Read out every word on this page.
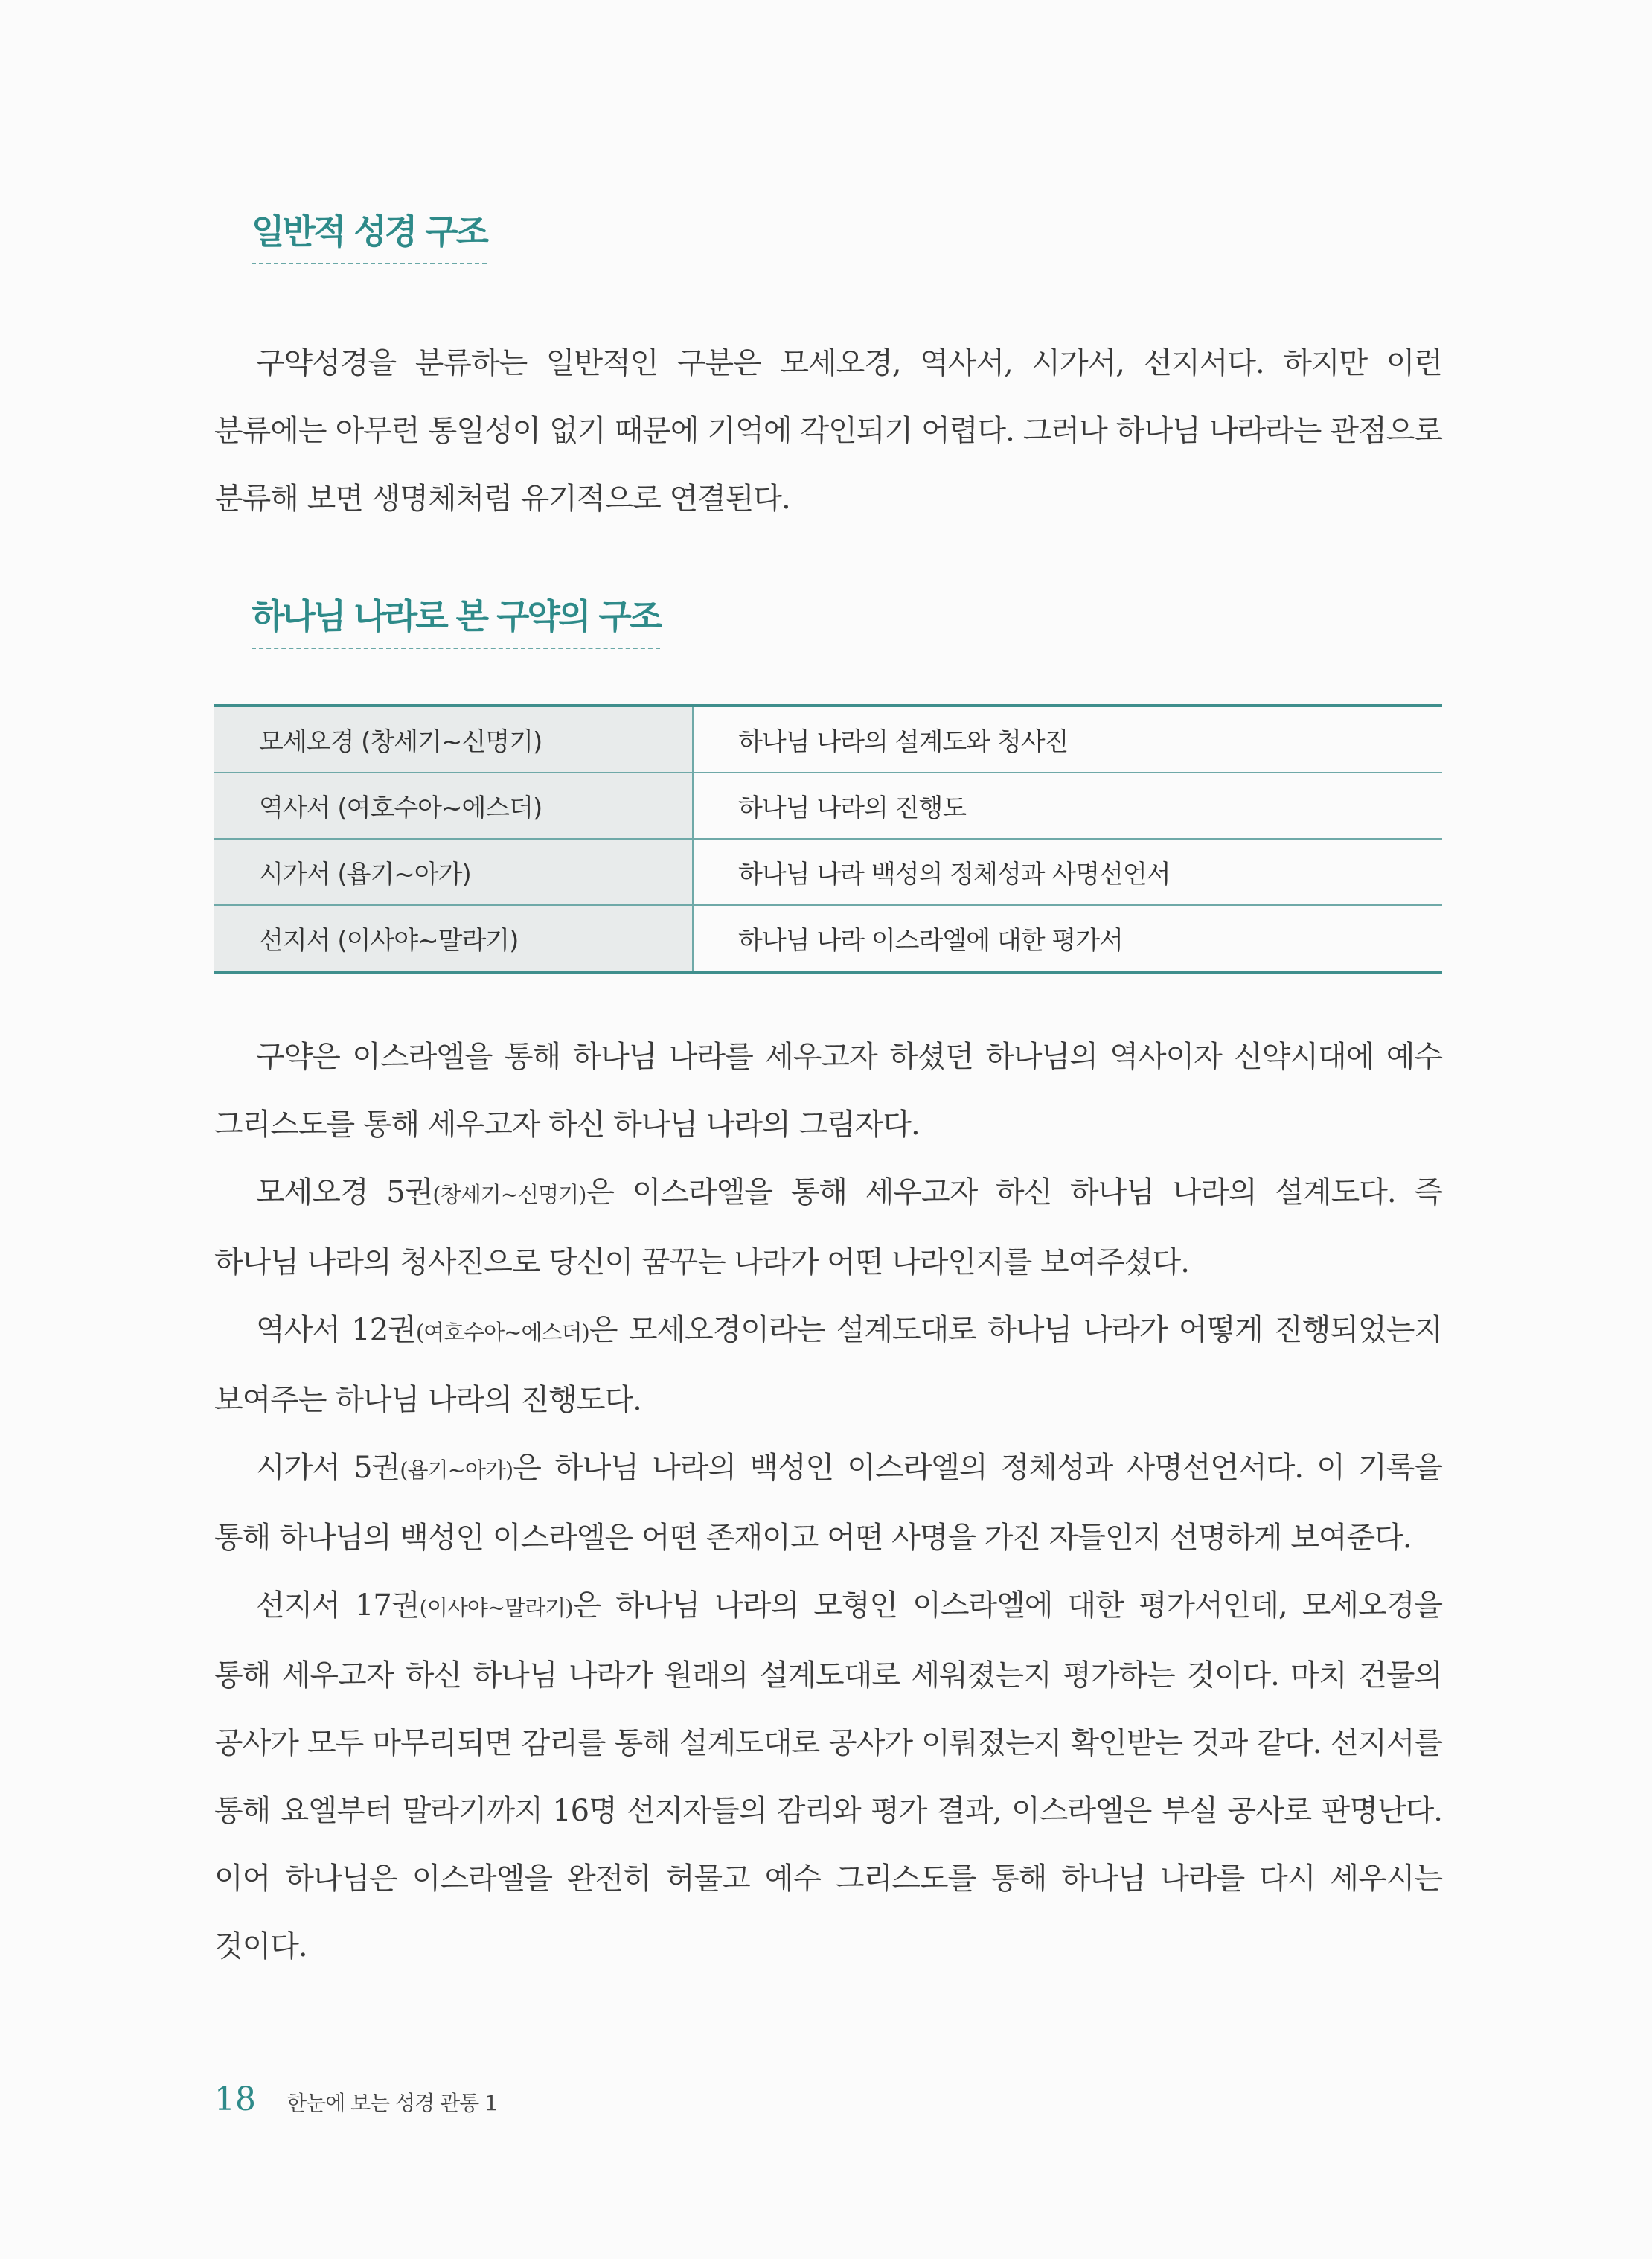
일반적 성경 구조

구약성경을 분류하는 일반적인 구분은 모세오경, 역사서, 시가서, 선지서다. 하지만 이런 분류에는 아무런 통일성이 없기 때문에 기억에 각인되기 어렵다. 그러나 하나님 나라라는 관점으로 분류해 보면 생명체처럼 유기적으로 연결된다.

하나님 나라로 본 구약의 구조
모세오경 (창세기~신명기)	하나님 나라의 설계도와 청사진
역사서 (여호수아~에스더)	하나님 나라의 진행도
시가서 (욥기~아가)	하나님 나라 백성의 정체성과 사명선언서
선지서 (이사야~말라기)	하나님 나라 이스라엘에 대한 평가서

구약은 이스라엘을 통해 하나님 나라를 세우고자 하셨던 하나님의 역사이자 신약시대에 예수 그리스도를 통해 세우고자 하신 하나님 나라의 그림자다.

모세오경 5권(창세기~신명기)은 이스라엘을 통해 세우고자 하신 하나님 나라의 설계도다. 즉 하나님 나라의 청사진으로 당신이 꿈꾸는 나라가 어떤 나라인지를 보여주셨다.

역사서 12권(여호수아~에스더)은 모세오경이라는 설계도대로 하나님 나라가 어떻게 진행되었는지 보여주는 하나님 나라의 진행도다.

시가서 5권(욥기~아가)은 하나님 나라의 백성인 이스라엘의 정체성과 사명선언서다. 이 기록을 통해 하나님의 백성인 이스라엘은 어떤 존재이고 어떤 사명을 가진 자들인지 선명하게 보여준다.

선지서 17권(이사야~말라기)은 하나님 나라의 모형인 이스라엘에 대한 평가서인데, 모세오경을 통해 세우고자 하신 하나님 나라가 원래의 설계도대로 세워졌는지 평가하는 것이다. 마치 건물의 공사가 모두 마무리되면 감리를 통해 설계도대로 공사가 이뤄졌는지 확인받는 것과 같다. 선지서를 통해 요엘부터 말라기까지 16명 선지자들의 감리와 평가 결과, 이스라엘은 부실 공사로 판명난다. 이어 하나님은 이스라엘을 완전히 허물고 예수 그리스도를 통해 하나님 나라를 다시 세우시는 것이다.

18 한눈에 보는 성경 관통 1
